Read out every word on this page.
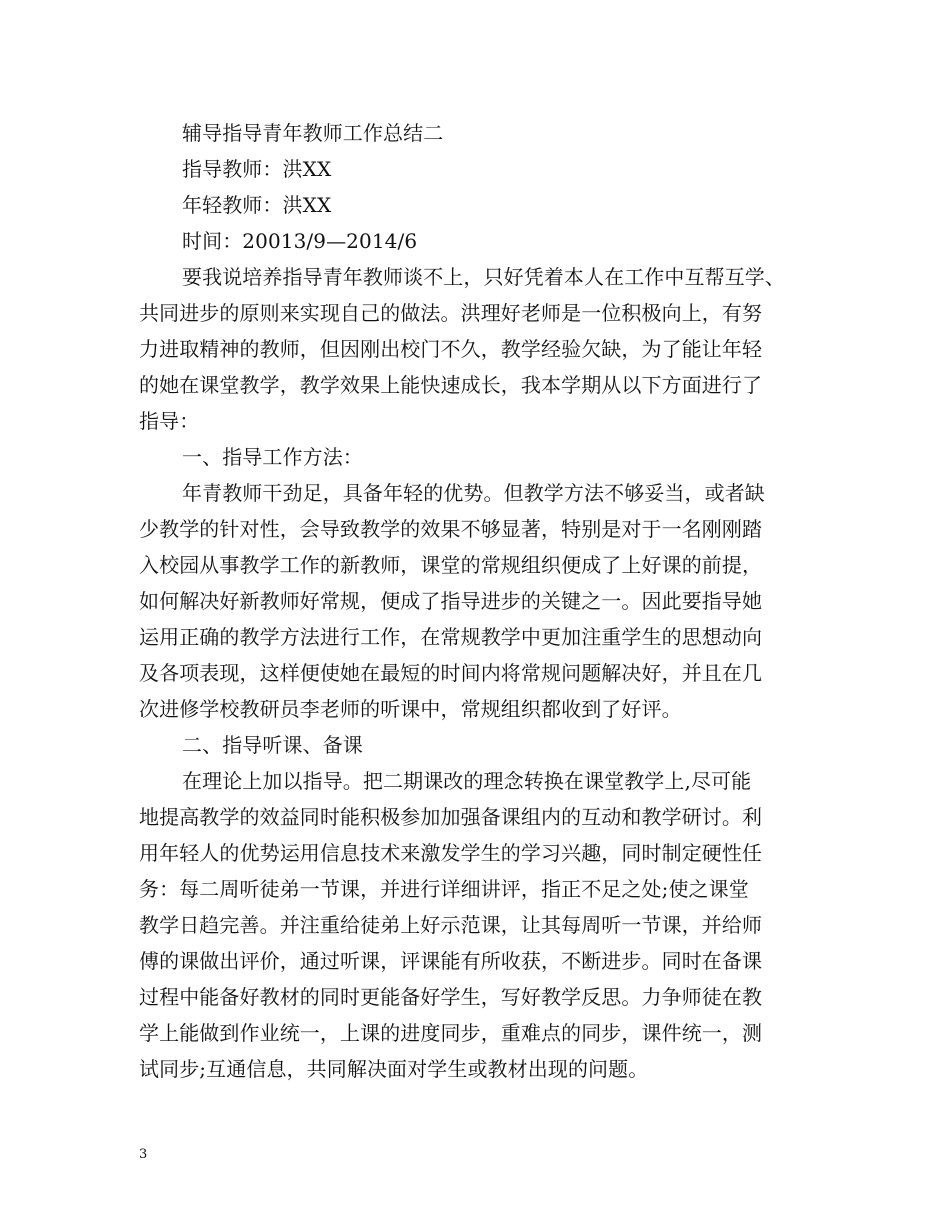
辅导指导青年教师工作总结二
指导教师：洪XX
年轻教师：洪XX
时间：20013/9—2014/6
要我说培养指导青年教师谈不上，只好凭着本人在工作中互帮互学、
共同进步的原则来实现自己的做法。洪理好老师是一位积极向上，有努
力进取精神的教师，但因刚出校门不久，教学经验欠缺，为了能让年轻
的她在课堂教学，教学效果上能快速成长，我本学期从以下方面进行了
指导：
一、指导工作方法：
年青教师干劲足，具备年轻的优势。但教学方法不够妥当，或者缺
少教学的针对性，会导致教学的效果不够显著，特别是对于一名刚刚踏
入校园从事教学工作的新教师，课堂的常规组织便成了上好课的前提，
如何解决好新教师好常规，便成了指导进步的关键之一。因此要指导她
运用正确的教学方法进行工作，在常规教学中更加注重学生的思想动向
及各项表现，这样便使她在最短的时间内将常规问题解决好，并且在几
次进修学校教研员李老师的听课中，常规组织都收到了好评。
二、指导听课、备课
在理论上加以指导。把二期课改的理念转换在课堂教学上,尽可能
地提高教学的效益同时能积极参加加强备课组内的互动和教学研讨。利
用年轻人的优势运用信息技术来激发学生的学习兴趣，同时制定硬性任
务：每二周听徒弟一节课，并进行详细讲评，指正不足之处;使之课堂
教学日趋完善。并注重给徒弟上好示范课，让其每周听一节课，并给师
傅的课做出评价，通过听课，评课能有所收获，不断进步。同时在备课
过程中能备好教材的同时更能备好学生，写好教学反思。力争师徒在教
学上能做到作业统一，上课的进度同步，重难点的同步，课件统一，测
试同步;互通信息，共同解决面对学生或教材出现的问题。
3
